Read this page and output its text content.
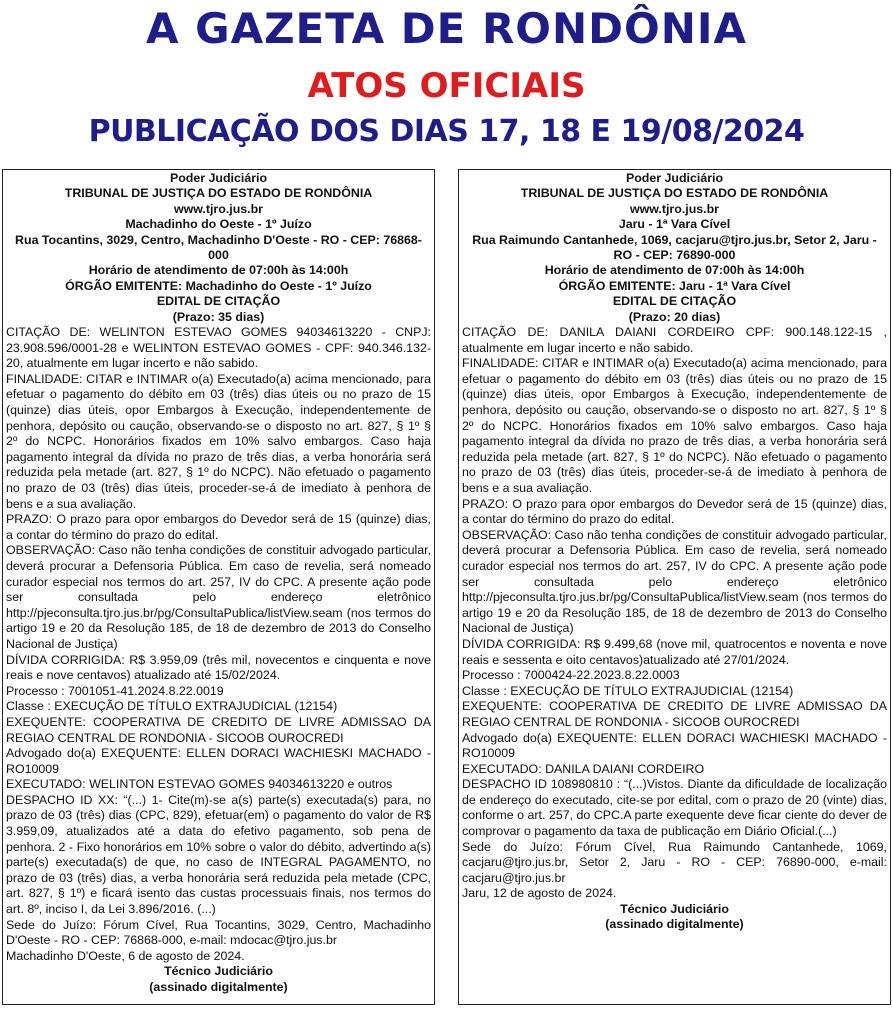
A GAZETA DE RONDÔNIA
ATOS OFICIAIS
PUBLICAÇÃO DOS DIAS 17, 18 E 19/08/2024
Poder Judiciário
TRIBUNAL DE JUSTIÇA DO ESTADO DE RONDÔNIA
www.tjro.jus.br
Machadinho do Oeste - 1º Juízo
Rua Tocantins, 3029, Centro, Machadinho D'Oeste - RO - CEP: 76868-000
Horário de atendimento de 07:00h às 14:00h
ÓRGÃO EMITENTE: Machadinho do Oeste - 1º Juízo
EDITAL DE CITAÇÃO
(Prazo: 35 dias)
CITAÇÃO DE: WELINTON ESTEVAO GOMES 94034613220 - CNPJ: 23.908.596/0001-28 e WELINTON ESTEVAO GOMES - CPF: 940.346.132-20, atualmente em lugar incerto e não sabido.
FINALIDADE: CITAR e INTIMAR o(a) Executado(a) acima mencionado, para efetuar o pagamento do débito em 03 (três) dias úteis ou no prazo de 15 (quinze) dias úteis, opor Embargos à Execução, independentemente de penhora, depósito ou caução, observando-se o disposto no art. 827, § 1º § 2º do NCPC. Honorários fixados em 10% salvo embargos. Caso haja pagamento integral da dívida no prazo de três dias, a verba honorária será reduzida pela metade (art. 827, § 1º do NCPC). Não efetuado o pagamento no prazo de 03 (três) dias úteis, proceder-se-á de imediato à penhora de bens e a sua avaliação.
PRAZO: O prazo para opor embargos do Devedor será de 15 (quinze) dias, a contar do término do prazo do edital.
OBSERVAÇÃO: Caso não tenha condições de constituir advogado particular, deverá procurar a Defensoria Pública. Em caso de revelia, será nomeado curador especial nos termos do art. 257, IV do CPC. A presente ação pode ser consultada pelo endereço eletrônico http://pjeconsulta.tjro.jus.br/pg/ConsultaPublica/listView.seam (nos termos do artigo 19 e 20 da Resolução 185, de 18 de dezembro de 2013 do Conselho Nacional de Justiça)
DÍVIDA CORRIGIDA: R$ 3.959,09 (três mil, novecentos e cinquenta e nove reais e nove centavos) atualizado até 15/02/2024.
Processo : 7001051-41.2024.8.22.0019
Classe : EXECUÇÃO DE TÍTULO EXTRAJUDICIAL (12154)
EXEQUENTE: COOPERATIVA DE CREDITO DE LIVRE ADMISSAO DA REGIAO CENTRAL DE RONDONIA - SICOOB OUROCREDI
Advogado do(a) EXEQUENTE: ELLEN DORACI WACHIESKI MACHADO - RO10009
EXECUTADO: WELINTON ESTEVAO GOMES 94034613220 e outros
DESPACHO ID XX: “(...) 1- Cite(m)-se a(s) parte(s) executada(s) para, no prazo de 03 (três) dias (CPC, 829), efetuar(em) o pagamento do valor de R$ 3.959,09, atualizados até a data do efetivo pagamento, sob pena de penhora. 2 - Fixo honorários em 10% sobre o valor do débito, advertindo a(s) parte(s) executada(s) de que, no caso de INTEGRAL PAGAMENTO, no prazo de 03 (três) dias, a verba honorária será reduzida pela metade (CPC, art. 827, § 1º) e ficará isento das custas processuais finais, nos termos do art. 8º, inciso I, da Lei 3.896/2016. (...)
Sede do Juízo: Fórum Cível, Rua Tocantins, 3029, Centro, Machadinho D'Oeste - RO - CEP: 76868-000, e-mail: mdocac@tjro.jus.br
Machadinho D'Oeste, 6 de agosto de 2024.
Técnico Judiciário
(assinado digitalmente)
Poder Judiciário
TRIBUNAL DE JUSTIÇA DO ESTADO DE RONDÔNIA
www.tjro.jus.br
Jaru - 1ª Vara Cível
Rua Raimundo Cantanhede, 1069, cacjaru@tjro.jus.br, Setor 2, Jaru - RO - CEP: 76890-000
Horário de atendimento de 07:00h às 14:00h
ÓRGÃO EMITENTE: Jaru - 1ª Vara Cível
EDITAL DE CITAÇÃO
(Prazo: 20 dias)
CITAÇÃO DE: DANILA DAIANI CORDEIRO CPF: 900.148.122-15 , atualmente em lugar incerto e não sabido.
FINALIDADE: CITAR e INTIMAR o(a) Executado(a) acima mencionado, para efetuar o pagamento do débito em 03 (três) dias úteis ou no prazo de 15 (quinze) dias úteis, opor Embargos à Execução, independentemente de penhora, depósito ou caução, observando-se o disposto no art. 827, § 1º § 2º do NCPC. Honorários fixados em 10% salvo embargos. Caso haja pagamento integral da dívida no prazo de três dias, a verba honorária será reduzida pela metade (art. 827, § 1º do NCPC). Não efetuado o pagamento no prazo de 03 (três) dias úteis, proceder-se-á de imediato à penhora de bens e a sua avaliação.
PRAZO: O prazo para opor embargos do Devedor será de 15 (quinze) dias, a contar do término do prazo do edital.
OBSERVAÇÃO: Caso não tenha condições de constituir advogado particular, deverá procurar a Defensoria Pública. Em caso de revelia, será nomeado curador especial nos termos do art. 257, IV do CPC. A presente ação pode ser consultada pelo endereço eletrônico http://pjeconsulta.tjro.jus.br/pg/ConsultaPublica/listView.seam (nos termos do artigo 19 e 20 da Resolução 185, de 18 de dezembro de 2013 do Conselho Nacional de Justiça)
DÍVIDA CORRIGIDA: R$ 9.499,68 (nove mil, quatrocentos e noventa e nove reais e sessenta e oito centavos)atualizado até 27/01/2024.
Processo : 7000424-22.2023.8.22.0003
Classe : EXECUÇÃO DE TÍTULO EXTRAJUDICIAL (12154)
EXEQUENTE: COOPERATIVA DE CREDITO DE LIVRE ADMISSAO DA REGIAO CENTRAL DE RONDONIA - SICOOB OUROCREDI
Advogado do(a) EXEQUENTE: ELLEN DORACI WACHIESKI MACHADO - RO10009
EXECUTADO: DANILA DAIANI CORDEIRO
DESPACHO ID 108980810 : “(...)Vistos. Diante da dificuldade de localização de endereço do executado, cite-se por edital, com o prazo de 20 (vinte) dias, conforme o art. 257, do CPC.A parte exequente deve ficar ciente do dever de comprovar o pagamento da taxa de publicação em Diário Oficial.(...)
Sede do Juízo: Fórum Cível, Rua Raimundo Cantanhede, 1069, cacjaru@tjro.jus.br, Setor 2, Jaru - RO - CEP: 76890-000, e-mail: cacjaru@tjro.jus.br
Jaru, 12 de agosto de 2024.
Técnico Judiciário
(assinado digitalmente)
